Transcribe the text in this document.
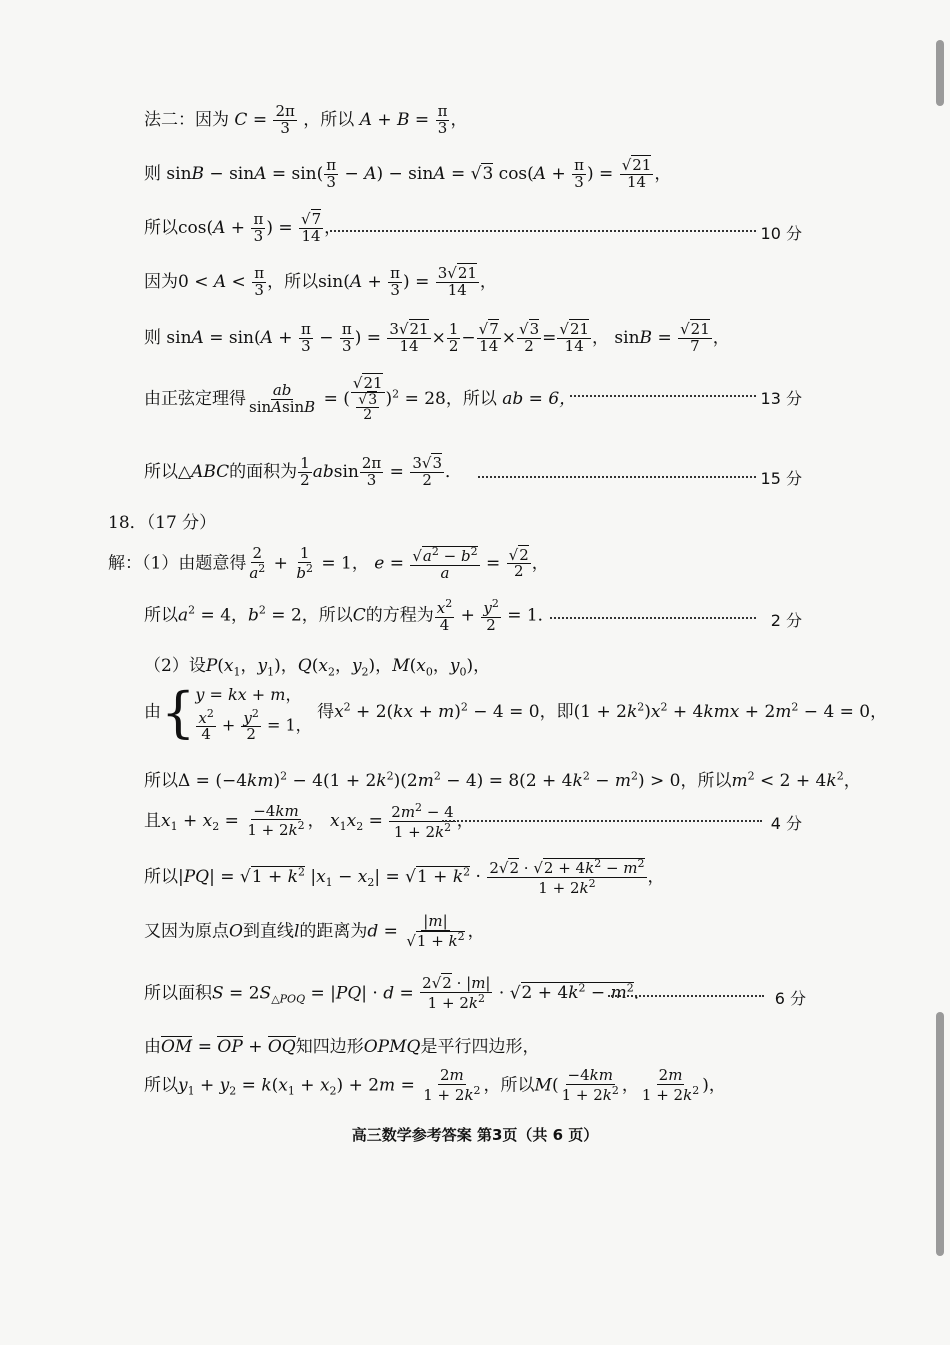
法二：因为 $C = \frac{2\pi}{3}$ ，所以 $A + B = \frac{\pi}{3}$ ，
则 $\sin B - \sin A = \sin( \frac{\pi}{3} - A) - \sin A = √3$ $\cos(A + \frac{\pi}{3}$ ) = $\frac{√21}{14}$ ，
所以$\cos(A + \frac{\pi}{3}$ ) = $\frac{√7}{14}$ ，	10 分
因为$0 < A < \frac{\pi}{3}$ ，所以$\sin(A + \frac{\pi}{3}$ ) = $\frac{3√21}{14}$ ，
则 $\sin A = \sin(A + \frac{\pi}{3} - \frac{\pi}{3}$ ) = $\frac{3√21}{14} \times \frac{1}{2} - \frac{√7}{14} \times \frac{√3}{2} = \frac{√21}{14}$ ， $\sin B = \frac{√21}{7}$ ，
由正弦定理得 $\frac{ab}{\text{sinAsinB}}$ = ( $\frac{√21}{\frac{√3}{2}} )^2 = 28$，所以 ab = 6，	13 分
所以△ABC的面积为 $\frac{1}{2}$ absin $\frac{2\pi}{3} = \frac{3√3}{2}$ ．	15 分
18．（17 分）
解：（1）由题意得 $\frac{2}{a^2} + \frac{1}{b^2} = 1$， $e = \frac{√a^2 - b^2}{a} = \frac{√2}{2}$ ，
所以$a^2 = 4$，$b^2 = 2$，所以C的方程为 $\frac{x^2}{4} + \frac{y^2}{2} = 1$．	2 分
（2）设$P(x_1$，$y_1$)，$Q(x_2$，$y_2$)，$M(x_0$，$y_0$)，
由{ y = kx + m，
$\frac{x^2}{4} + \frac{y^2}{2} = 1$，
得$x^2 + 2(kx + m)^2 - 4 = 0$，即$(1 + 2k^2)x^2 + 4kmx + 2m^2 - 4 = 0$，
所以$\Delta = (-4km)^2 - 4(1 + 2k^2)(2m^2 - 4) = 8(2 + 4k^2 - m^2) > 0$，所以$m^2 < 2 + 4k^2$，
且$x_1 + x_2 = \frac{-4km}{1 + 2k^2}$ ， $x_1x_2 = \frac{2m^2 - 4}{1 + 2k^2}$ ，	4 分
所以$|PQ| = √1 + k^2$ $|x_1 - x_2| = √1 + k^2 \cdot \frac{2√2 \cdot √2 + 4k^2 - m^2}{1 + 2k^2}$ ，
又因为原点O到直线l的距离为$d = \frac{|m|}{√1 + k^2}$ ，
所以面积$S = 2S_{\triangle POQ} = |PQ| \cdot d = \frac{2√2 \cdot |m|}{1 + 2k^2} \cdot √2 + 4k^2 - m^2$．	6 分
由OM = OP + OQ知四边形OPMQ是平行四边形，
所以$y_1 + y_2 = k(x_1 + x_2) + 2m = \frac{2m}{1 + 2k^2}$ ，所以$M( \frac{-4km}{1 + 2k^2}$ ， $\frac{2m}{1 + 2k^2}$ )，
高三数学参考答案 第3页（共 6 页）
